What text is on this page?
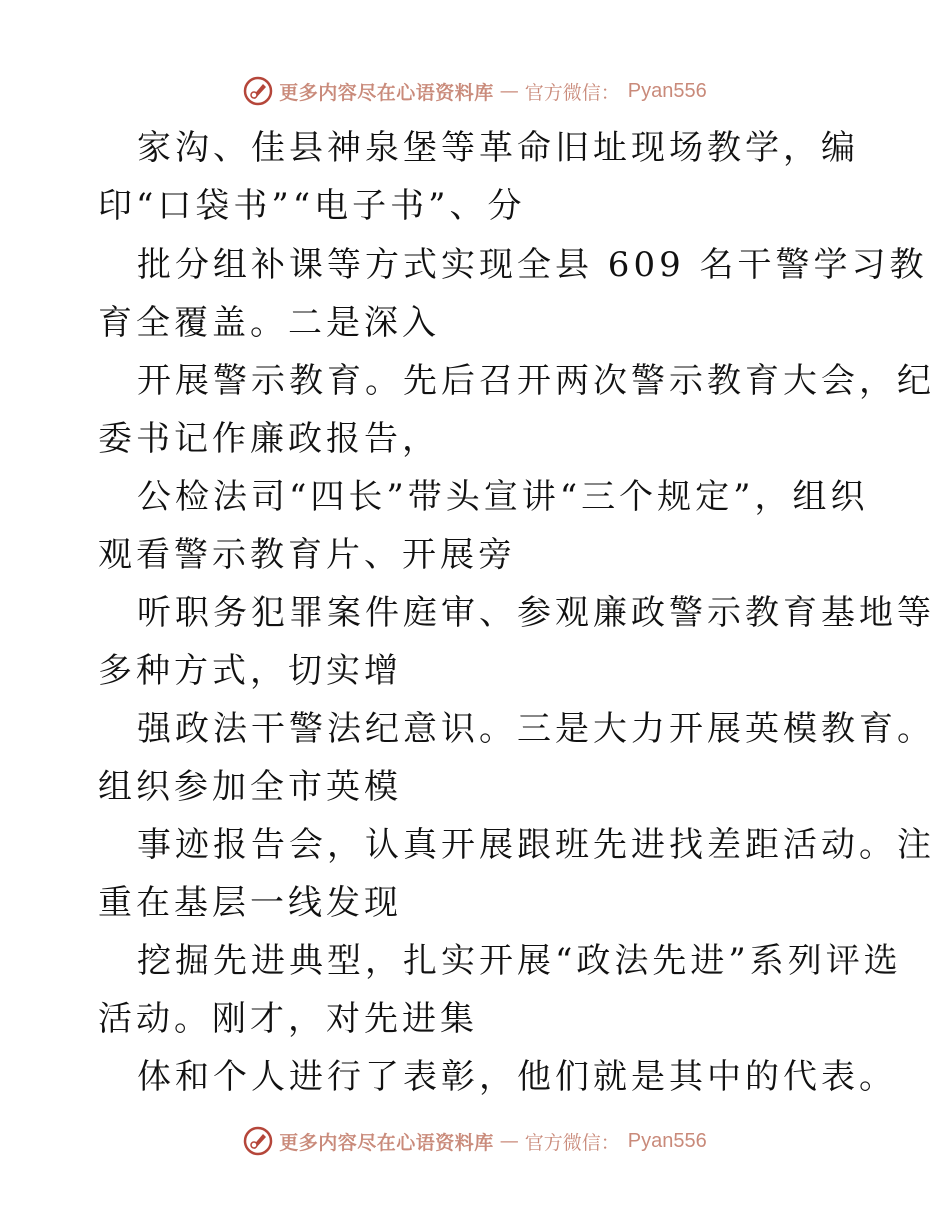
更多内容尽在心语资料库 — 官方微信： Pyan556
家沟、佳县神泉堡等革命旧址现场教学，编
印“口袋书”“电子书”、分
批分组补课等方式实现全县 609 名干警学习教
育全覆盖。二是深入
开展警示教育。先后召开两次警示教育大会，纪
委书记作廉政报告，
公检法司“四长”带头宣讲“三个规定”，组织
观看警示教育片、开展旁
听职务犯罪案件庭审、参观廉政警示教育基地等
多种方式，切实增
强政法干警法纪意识。三是大力开展英模教育。
组织参加全市英模
事迹报告会，认真开展跟班先进找差距活动。注
重在基层一线发现
挖掘先进典型，扎实开展“政法先进”系列评选
活动。刚才，对先进集
体和个人进行了表彰，他们就是其中的代表。
更多内容尽在心语资料库 — 官方微信： Pyan556
